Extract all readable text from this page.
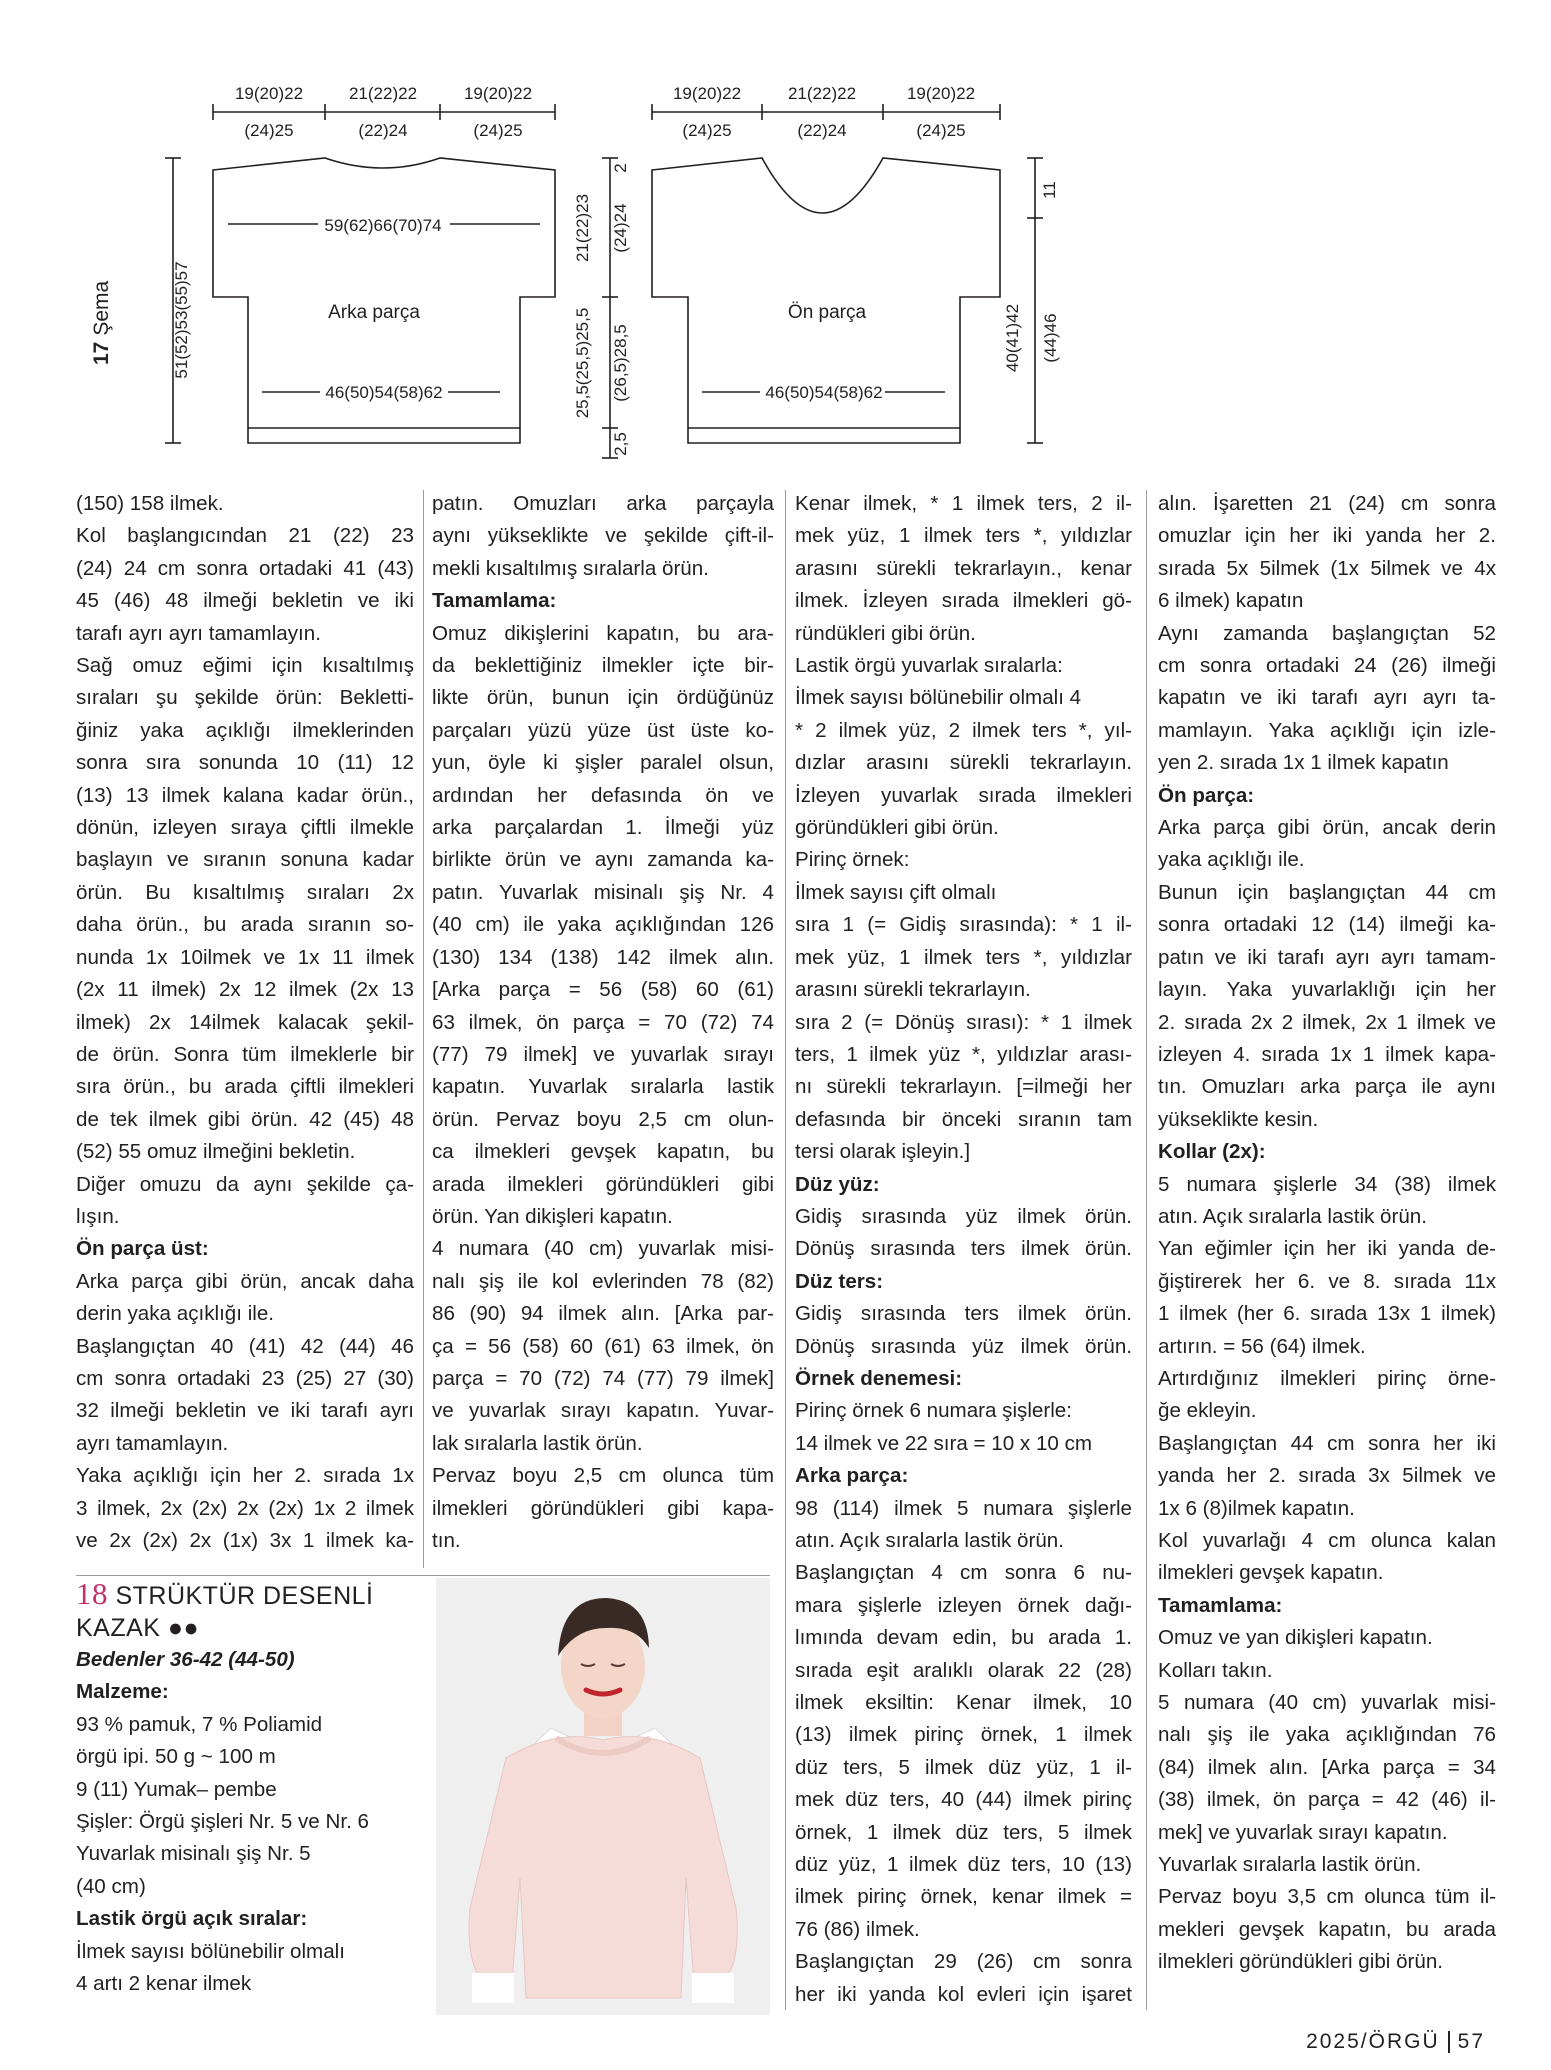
19(20)22	21(22)22	19(20)22
(24)25	(22)24	(24)25
59(62)66(70)74
Arka parça
46(50)54(58)62
51(52)53(55)57
17Şema
21(22)23 (24)24
2
25,5(25,5)25,5 (26,5)28,5
2,5
19(20)22	21(22)22	19(20)22
(24)25	(22)24	(24)25
Ön parça
46(50)54(58)62
11
40(41)42 (44)46

(150) 158 ilmek.

Kol başlangıcından 21 (22) 23

(24) 24 cm sonra ortadaki 41 (43)

45 (46) 48 ilmeği bekletin ve iki

tarafı ayrı ayrı tamamlayın.

Sağ omuz eğimi için kısaltılmış

sıraları şu şekilde örün: Bekletti-

ğiniz yaka açıklığı ilmeklerinden

sonra sıra sonunda 10 (11) 12

(13) 13 ilmek kalana kadar örün.,

dönün, izleyen sıraya çiftli ilmekle

başlayın ve sıranın sonuna kadar

örün. Bu kısaltılmış sıraları 2x

daha örün., bu arada sıranın so-

nunda 1x 10ilmek ve 1x 11 ilmek

(2x 11 ilmek) 2x 12 ilmek (2x 13

ilmek) 2x 14ilmek kalacak şekil-

de örün. Sonra tüm ilmeklerle bir

sıra örün., bu arada çiftli ilmekleri

de tek ilmek gibi örün. 42 (45) 48

(52) 55 omuz ilmeğini bekletin.

Diğer omuzu da aynı şekilde ça-

lışın.

Ön parça üst:

Arka parça gibi örün, ancak daha

derin yaka açıklığı ile.

Başlangıçtan 40 (41) 42 (44) 46

cm sonra ortadaki 23 (25) 27 (30)

32 ilmeği bekletin ve iki tarafı ayrı

ayrı tamamlayın.

Yaka açıklığı için her 2. sırada 1x

3 ilmek, 2x (2x) 2x (2x) 1x 2 ilmek

ve 2x (2x) 2x (1x) 3x 1 ilmek ka-

patın. Omuzları arka parçayla

aynı yükseklikte ve şekilde çift-il-

mekli kısaltılmış sıralarla örün.

Tamamlama:

Omuz dikişlerini kapatın, bu ara-

da beklettiğiniz ilmekler içte bir-

likte örün, bunun için ördüğünüz

parçaları yüzü yüze üst üste ko-

yun, öyle ki şişler paralel olsun,

ardından her defasında ön ve

arka parçalardan 1. İlmeği yüz

birlikte örün ve aynı zamanda ka-

patın. Yuvarlak misinalı şiş Nr. 4

(40 cm) ile yaka açıklığından 126

(130) 134 (138) 142 ilmek alın.

[Arka parça = 56 (58) 60 (61)

63 ilmek, ön parça = 70 (72) 74

(77) 79 ilmek] ve yuvarlak sırayı

kapatın. Yuvarlak sıralarla lastik

örün. Pervaz boyu 2,5 cm olun-

ca ilmekleri gevşek kapatın, bu

arada ilmekleri göründükleri gibi

örün. Yan dikişleri kapatın.

4 numara (40 cm) yuvarlak misi-

nalı şiş ile kol evlerinden 78 (82)

86 (90) 94 ilmek alın. [Arka par-

ça = 56 (58) 60 (61) 63 ilmek, ön

parça = 70 (72) 74 (77) 79 ilmek]

ve yuvarlak sırayı kapatın. Yuvar-

lak sıralarla lastik örün.

Pervaz boyu 2,5 cm olunca tüm

ilmekleri göründükleri gibi kapa-

tın.

Kenar ilmek, * 1 ilmek ters, 2 il-

mek yüz, 1 ilmek ters *, yıldızlar

arasını sürekli tekrarlayın., kenar

ilmek. İzleyen sırada ilmekleri gö-

ründükleri gibi örün.

Lastik örgü yuvarlak sıralarla:

İlmek sayısı bölünebilir olmalı 4

* 2 ilmek yüz, 2 ilmek ters *, yıl-

dızlar arasını sürekli tekrarlayın.

İzleyen yuvarlak sırada ilmekleri

göründükleri gibi örün.

Pirinç örnek:

İlmek sayısı çift olmalı

sıra 1 (= Gidiş sırasında): * 1 il-

mek yüz, 1 ilmek ters *, yıldızlar

arasını sürekli tekrarlayın.

sıra 2 (= Dönüş sırası): * 1 ilmek

ters, 1 ilmek yüz *, yıldızlar arası-

nı sürekli tekrarlayın. [=ilmeği her

defasında bir önceki sıranın tam

tersi olarak işleyin.]

Düz yüz:

Gidiş sırasında yüz ilmek örün.

Dönüş sırasında ters ilmek örün.

Düz ters:

Gidiş sırasında ters ilmek örün.

Dönüş sırasında yüz ilmek örün.

Örnek denemesi:

Pirinç örnek 6 numara şişlerle:

14 ilmek ve 22 sıra = 10 x 10 cm

Arka parça:

98 (114) ilmek 5 numara şişlerle

atın. Açık sıralarla lastik örün.

Başlangıçtan 4 cm sonra 6 nu-

mara şişlerle izleyen örnek dağı-

lımında devam edin, bu arada 1.

sırada eşit aralıklı olarak 22 (28)

ilmek eksiltin: Kenar ilmek, 10

(13) ilmek pirinç örnek, 1 ilmek

düz ters, 5 ilmek düz yüz, 1 il-

mek düz ters, 40 (44) ilmek pirinç

örnek, 1 ilmek düz ters, 5 ilmek

düz yüz, 1 ilmek düz ters, 10 (13)

ilmek pirinç örnek, kenar ilmek =

76 (86) ilmek.

Başlangıçtan 29 (26) cm sonra

her iki yanda kol evleri için işaret

alın. İşaretten 21 (24) cm sonra

omuzlar için her iki yanda her 2.

sırada 5x 5ilmek (1x 5ilmek ve 4x

6 ilmek) kapatın

Aynı zamanda başlangıçtan 52

cm sonra ortadaki 24 (26) ilmeği

kapatın ve iki tarafı ayrı ayrı ta-

mamlayın. Yaka açıklığı için izle-

yen 2. sırada 1x 1 ilmek kapatın

Ön parça:

Arka parça gibi örün, ancak derin

yaka açıklığı ile.

Bunun için başlangıçtan 44 cm

sonra ortadaki 12 (14) ilmeği ka-

patın ve iki tarafı ayrı ayrı tamam-

layın. Yaka yuvarlaklığı için her

2. sırada 2x 2 ilmek, 2x 1 ilmek ve

izleyen 4. sırada 1x 1 ilmek kapa-

tın. Omuzları arka parça ile aynı

yükseklikte kesin.

Kollar (2x):

5 numara şişlerle 34 (38) ilmek

atın. Açık sıralarla lastik örün.

Yan eğimler için her iki yanda de-

ğiştirerek her 6. ve 8. sırada 11x

1 ilmek (her 6. sırada 13x 1 ilmek)

artırın. = 56 (64) ilmek.

Artırdığınız ilmekleri pirinç örne-

ğe ekleyin.

Başlangıçtan 44 cm sonra her iki

yanda her 2. sırada 3x 5ilmek ve

1x 6 (8)ilmek kapatın.

Kol yuvarlağı 4 cm olunca kalan

ilmekleri gevşek kapatın.

Tamamlama:

Omuz ve yan dikişleri kapatın.

Kolları takın.

5 numara (40 cm) yuvarlak misi-

nalı şiş ile yaka açıklığından 76

(84) ilmek alın. [Arka parça = 34

(38) ilmek, ön parça = 42 (46) il-

mek] ve yuvarlak sırayı kapatın.

Yuvarlak sıralarla lastik örün.

Pervaz boyu 3,5 cm olunca tüm il-

mekleri gevşek kapatın, bu arada

ilmekleri göründükleri gibi örün.

18 STRÜKTÜR DESENLİ
KAZAK ●●

Bedenler 36-42 (44-50)

Malzeme:

93 % pamuk, 7 % Poliamid

örgü ipi. 50 g ~ 100 m

9 (11) Yumak– pembe

Şişler: Örgü şişleri Nr. 5 ve Nr. 6

Yuvarlak misinalı şiş Nr. 5

(40 cm)

Lastik örgü açık sıralar:

İlmek sayısı bölünebilir olmalı

4 artı 2 kenar ilmek

2025/ÖRGÜ 57
